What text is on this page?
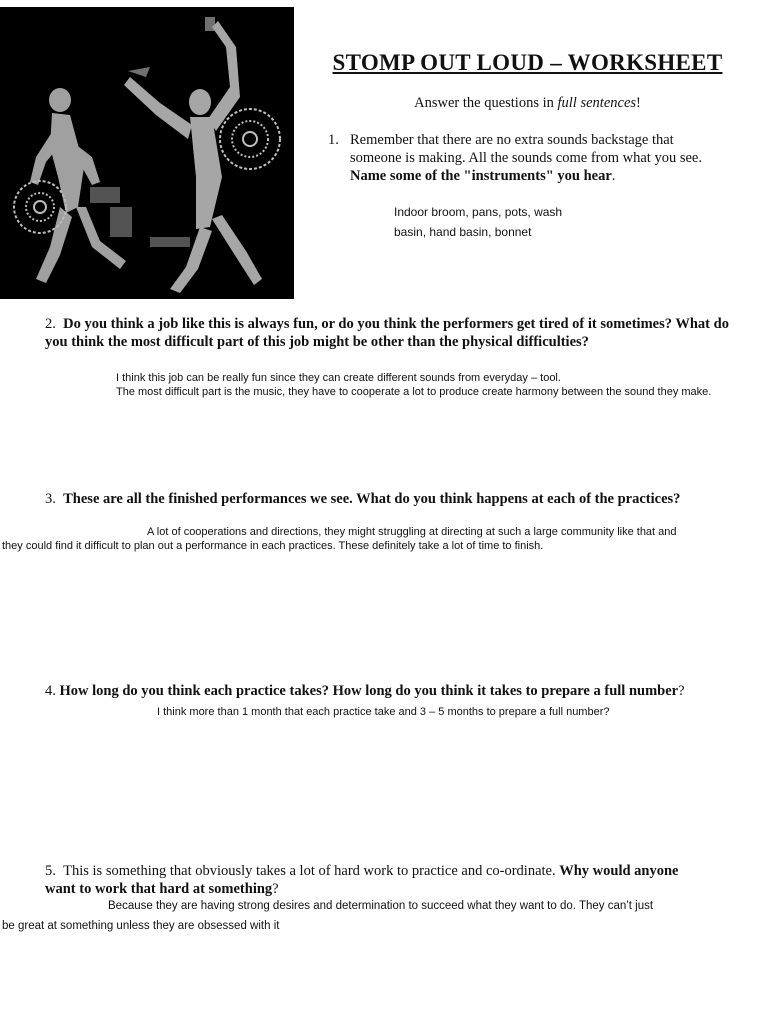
STOMP OUT LOUD – WORKSHEET
Answer the questions in full sentences!
1. Remember that there are no extra sounds backstage that someone is making. All the sounds come from what you see. Name some of the "instruments" you hear.
Indoor broom, pans, pots, wash
basin, hand basin, bonnet
2. Do you think a job like this is always fun, or do you think the performers get tired of it sometimes? What do you think the most difficult part of this job might be other than the physical difficulties?
I think this job can be really fun since they can create different sounds from everyday – tool.
The most difficult part is the music, they have to cooperate a lot to produce create harmony between the sound they make.
3. These are all the finished performances we see. What do you think happens at each of the practices?
A lot of cooperations and directions, they might struggling at directing at such a large community like that and
they could find it difficult to plan out a performance in each practices. These definitely take a lot of time to finish.
4. How long do you think each practice takes? How long do you think it takes to prepare a full number?
I think more than 1 month that each practice take and 3 – 5 months to prepare a full number?
5. This is something that obviously takes a lot of hard work to practice and co-ordinate. Why would anyone want to work that hard at something?
Because they are having strong desires and determination to succeed what they want to do. They can’t just
be great at something unless they are obsessed with it
